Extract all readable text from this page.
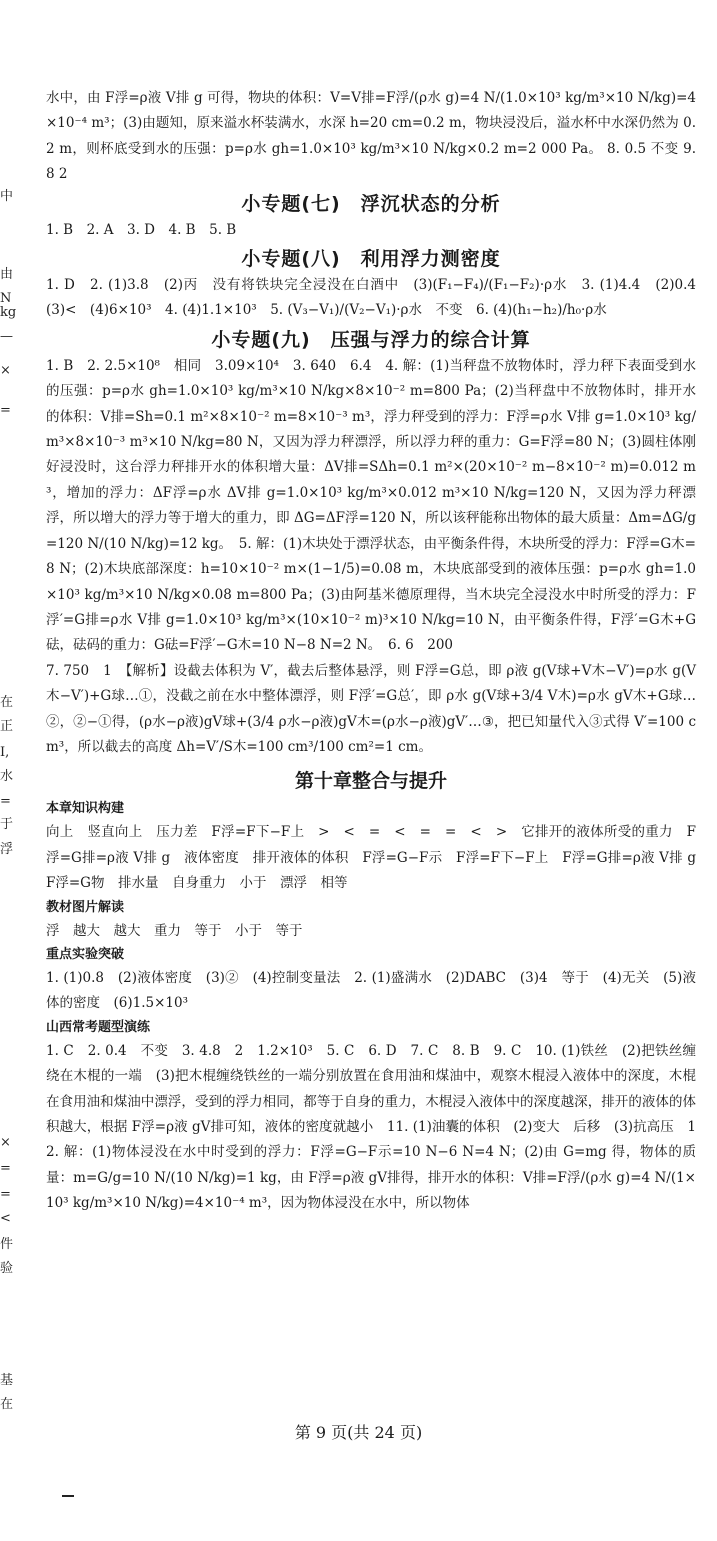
中
由
N
kg
—
×
=
在
正
I,
水
=
于
浮
×
=
=
<
件
验
基
在

水中，由 F浮=ρ液 V排 g 可得，物块的体积：V=V排=F浮/(ρ水 g)=4 N/(1.0×10³ kg/m³×10 N/kg)=4×10⁻⁴ m³；(3)由题知，原来溢水杯装满水，水深 h=20 cm=0.2 m，物块浸没后，溢水杯中水深仍然为 0.2 m，则杯底受到水的压强：p=ρ水 gh=1.0×10³ kg/m³×10 N/kg×0.2 m=2 000 Pa。 8. 0.5 不变 9. 8 2

小专题(七)　浮沉状态的分析

1. B　2. A　3. D　4. B　5. B

小专题(八)　利用浮力测密度

1. D　2. (1)3.8　(2)丙　没有将铁块完全浸没在白酒中　(3)(F₁−F₄)/(F₁−F₂)·ρ水　3. (1)4.4　(2)0.4　(3)<　(4)6×10³　4. (4)1.1×10³　5. (V₃−V₁)/(V₂−V₁)·ρ水　不变　6. (4)(h₁−h₂)/h₀·ρ水

小专题(九)　压强与浮力的综合计算

1. B　2. 2.5×10⁸　相同　3.09×10⁴　3. 640　6.4　4. 解：(1)当秤盘不放物体时，浮力秤下表面受到水的压强：p=ρ水 gh=1.0×10³ kg/m³×10 N/kg×8×10⁻² m=800 Pa；(2)当秤盘中不放物体时，排开水的体积：V排=Sh=0.1 m²×8×10⁻² m=8×10⁻³ m³，浮力秤受到的浮力：F浮=ρ水 V排 g=1.0×10³ kg/m³×8×10⁻³ m³×10 N/kg=80 N，又因为浮力秤漂浮，所以浮力秤的重力：G=F浮=80 N；(3)圆柱体刚好浸没时，这台浮力秤排开水的体积增大量：ΔV排=SΔh=0.1 m²×(20×10⁻² m−8×10⁻² m)=0.012 m³，增加的浮力：ΔF浮=ρ水 ΔV排 g=1.0×10³ kg/m³×0.012 m³×10 N/kg=120 N，又因为浮力秤漂浮，所以增大的浮力等于增大的重力，即 ΔG=ΔF浮=120 N，所以该秤能称出物体的最大质量：Δm=ΔG/g=120 N/(10 N/kg)=12 kg。　5. 解：(1)木块处于漂浮状态，由平衡条件得，木块所受的浮力：F浮=G木=8 N；(2)木块底部深度：h=10×10⁻² m×(1−1/5)=0.08 m，木块底部受到的液体压强：p=ρ水 gh=1.0×10³ kg/m³×10 N/kg×0.08 m=800 Pa；(3)由阿基米德原理得，当木块完全浸没水中时所受的浮力：F浮′=G排=ρ水 V排 g=1.0×10³ kg/m³×(10×10⁻² m)³×10 N/kg=10 N，由平衡条件得，F浮′=G木+G砝，砝码的重力：G砝=F浮′−G木=10 N−8 N=2 N。　6. 6　200

7. 750　1　【解析】设截去体积为 V′，截去后整体悬浮，则 F浮=G总，即 ρ液 g(V球+V木−V′)=ρ水 g(V木−V′)+G球…①，没截之前在水中整体漂浮，则 F浮′=G总′，即 ρ水 g(V球+3/4 V木)=ρ水 gV木+G球…②，②−①得，(ρ水−ρ液)gV球+(3/4 ρ水−ρ液)gV木=(ρ水−ρ液)gV′…③，把已知量代入③式得 V′=100 cm³，所以截去的高度 Δh=V′/S木=100 cm³/100 cm²=1 cm。

第十章整合与提升
本章知识构建

向上　竖直向上　压力差　F浮=F下−F上　>　<　=　<　=　=　<　>　它排开的液体所受的重力　F浮=G排=ρ液 V排 g　液体密度　排开液体的体积　F浮=G−F示　F浮=F下−F上　F浮=G排=ρ液 V排 g　F浮=G物　排水量　自身重力　小于　漂浮　相等

教材图片解读

浮　越大　越大　重力　等于　小于　等于

重点实验突破

1. (1)0.8　(2)液体密度　(3)②　(4)控制变量法　2. (1)盛满水　(2)DABC　(3)4　等于　(4)无关　(5)液体的密度　(6)1.5×10³

山西常考题型演练

1. C　2. 0.4　不变　3. 4.8　2　1.2×10³　5. C　6. D　7. C　8. B　9. C　10. (1)铁丝　(2)把铁丝缠绕在木棍的一端　(3)把木棍缠绕铁丝的一端分别放置在食用油和煤油中，观察木棍浸入液体中的深度，木棍在食用油和煤油中漂浮，受到的浮力相同，都等于自身的重力，木棍浸入液体中的深度越深，排开的液体的体积越大，根据 F浮=ρ液 gV排可知，液体的密度就越小　11. (1)油囊的体积　(2)变大　后移　(3)抗高压　12. 解：(1)物体浸没在水中时受到的浮力：F浮=G−F示=10 N−6 N=4 N；(2)由 G=mg 得，物体的质量：m=G/g=10 N/(10 N/kg)=1 kg，由 F浮=ρ液 gV排得，排开水的体积：V排=F浮/(ρ水 g)=4 N/(1×10³ kg/m³×10 N/kg)=4×10⁻⁴ m³，因为物体浸没在水中，所以物体

第 9 页(共 24 页)
